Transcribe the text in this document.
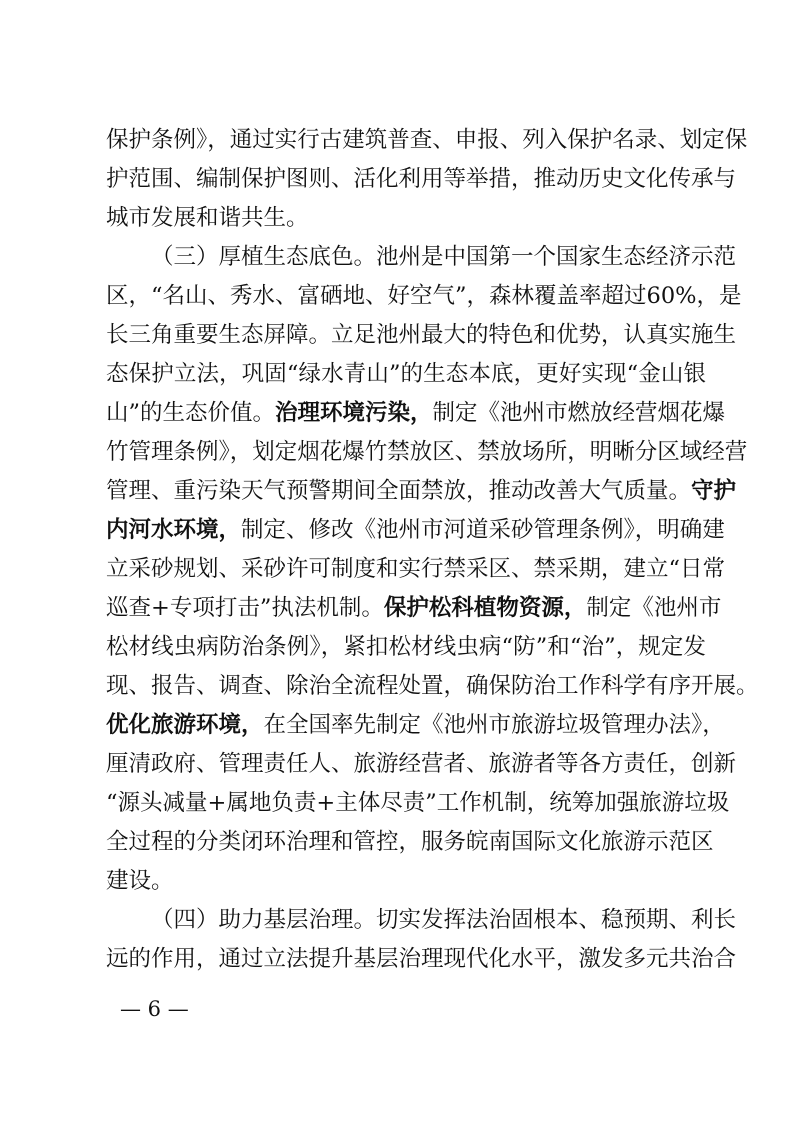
保护条例》，通过实行古建筑普查、申报、列入保护名录、划定保
护范围、编制保护图则、活化利用等举措，推动历史文化传承与
城市发展和谐共生。
（三）厚植生态底色。池州是中国第一个国家生态经济示范
区，“名山、秀水、富硒地、好空气”，森林覆盖率超过60%，是
长三角重要生态屏障。立足池州最大的特色和优势，认真实施生
态保护立法，巩固“绿水青山”的生态本底，更好实现“金山银
山”的生态价值。治理环境污染，制定《池州市燃放经营烟花爆
竹管理条例》，划定烟花爆竹禁放区、禁放场所，明晰分区域经营
管理、重污染天气预警期间全面禁放，推动改善大气质量。守护
内河水环境，制定、修改《池州市河道采砂管理条例》，明确建
立采砂规划、采砂许可制度和实行禁采区、禁采期，建立“日常
巡查+专项打击”执法机制。保护松科植物资源，制定《池州市
松材线虫病防治条例》，紧扣松材线虫病“防”和“治”，规定发
现、报告、调查、除治全流程处置，确保防治工作科学有序开展。
优化旅游环境，在全国率先制定《池州市旅游垃圾管理办法》，
厘清政府、管理责任人、旅游经营者、旅游者等各方责任，创新
“源头减量+属地负责+主体尽责”工作机制，统筹加强旅游垃圾
全过程的分类闭环治理和管控，服务皖南国际文化旅游示范区
建设。
（四）助力基层治理。切实发挥法治固根本、稳预期、利长
远的作用，通过立法提升基层治理现代化水平，激发多元共治合
— 6 —
